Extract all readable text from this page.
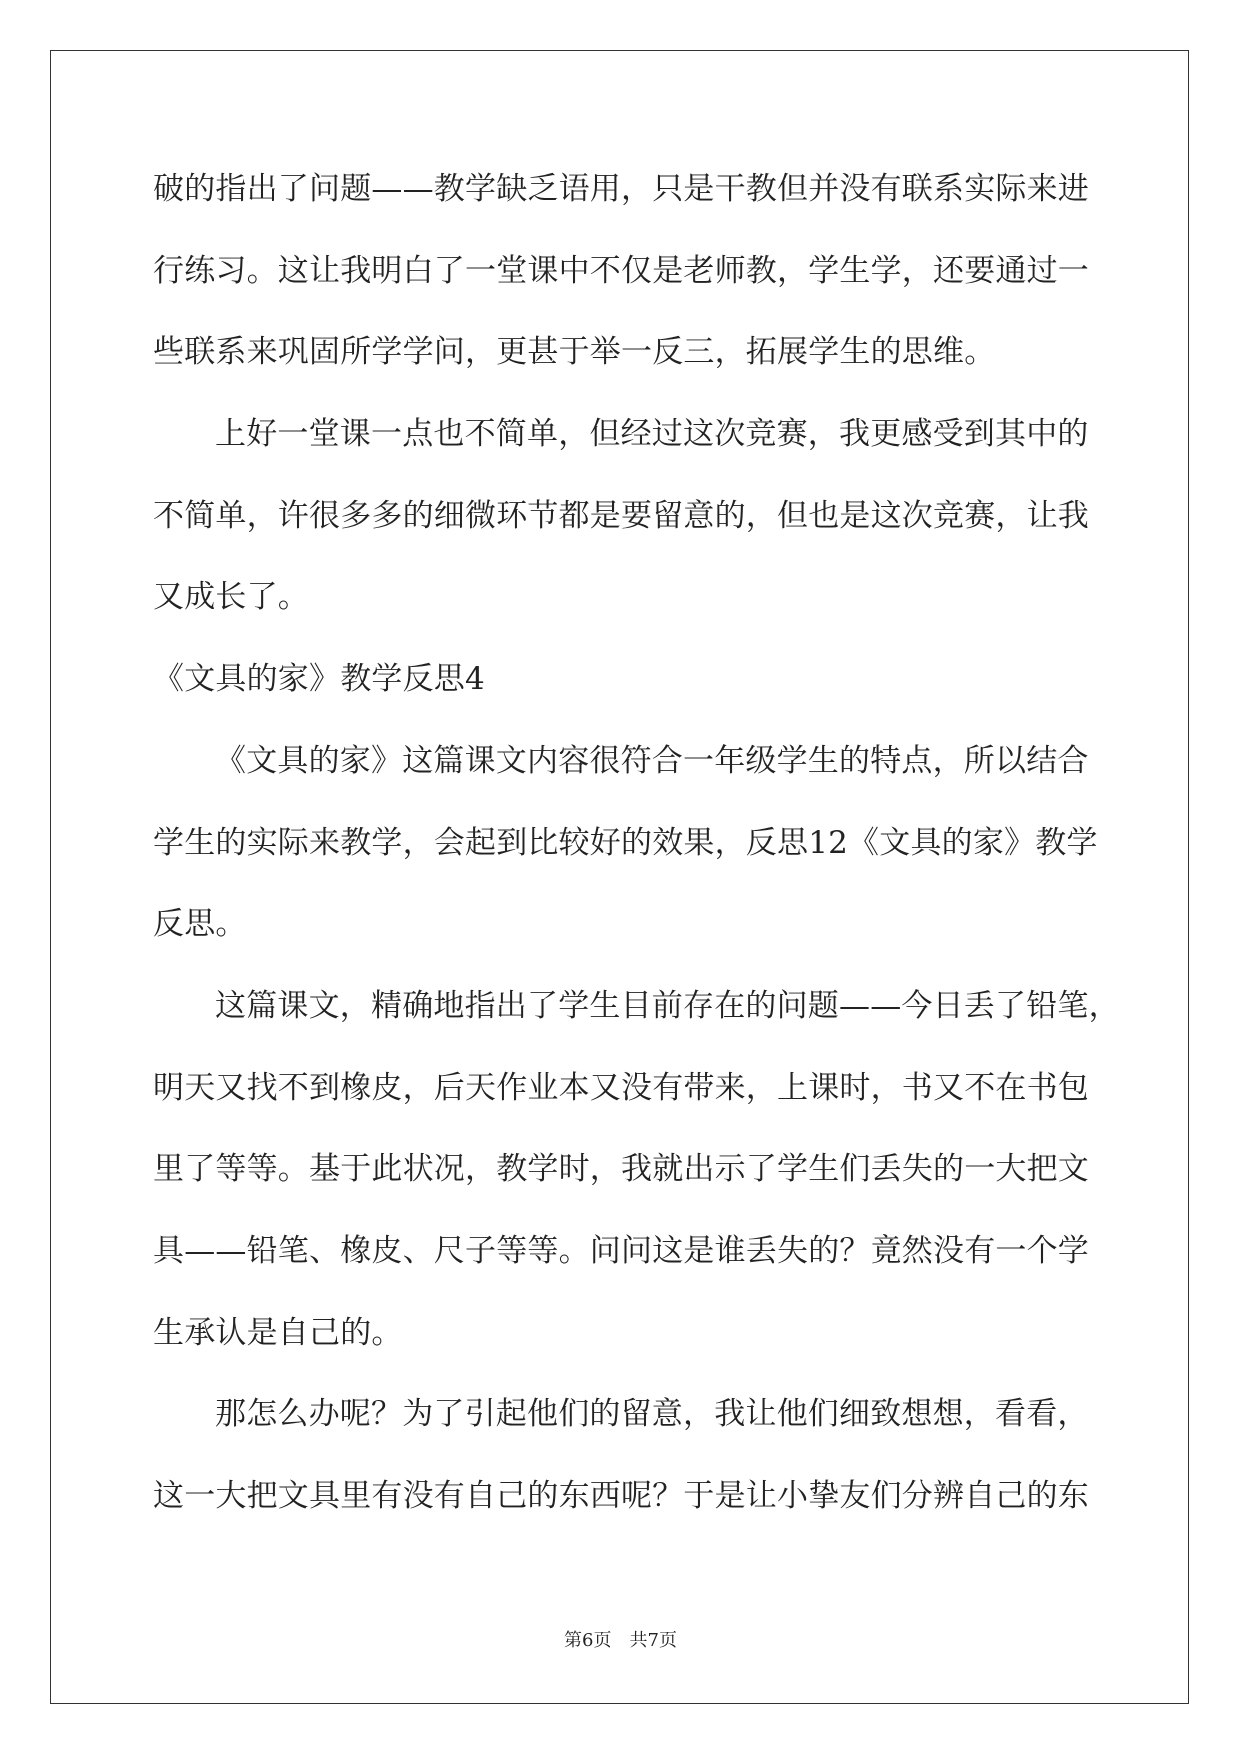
破的指出了问题——教学缺乏语用，只是干教但并没有联系实际来进
行练习。这让我明白了一堂课中不仅是老师教，学生学，还要通过一
些联系来巩固所学学问，更甚于举一反三，拓展学生的思维。
上好一堂课一点也不简单，但经过这次竞赛，我更感受到其中的
不简单，许很多多的细微环节都是要留意的，但也是这次竞赛，让我
又成长了。
《文具的家》教学反思4
《文具的家》这篇课文内容很符合一年级学生的特点，所以结合
学生的实际来教学，会起到比较好的效果，反思12《文具的家》教学
反思。
这篇课文，精确地指出了学生目前存在的问题——今日丢了铅笔，
明天又找不到橡皮，后天作业本又没有带来，上课时，书又不在书包
里了等等。基于此状况，教学时，我就出示了学生们丢失的一大把文
具——铅笔、橡皮、尺子等等。问问这是谁丢失的？竟然没有一个学
生承认是自己的。
那怎么办呢？为了引起他们的留意，我让他们细致想想，看看，
这一大把文具里有没有自己的东西呢？于是让小挚友们分辨自己的东
第6页　共7页
